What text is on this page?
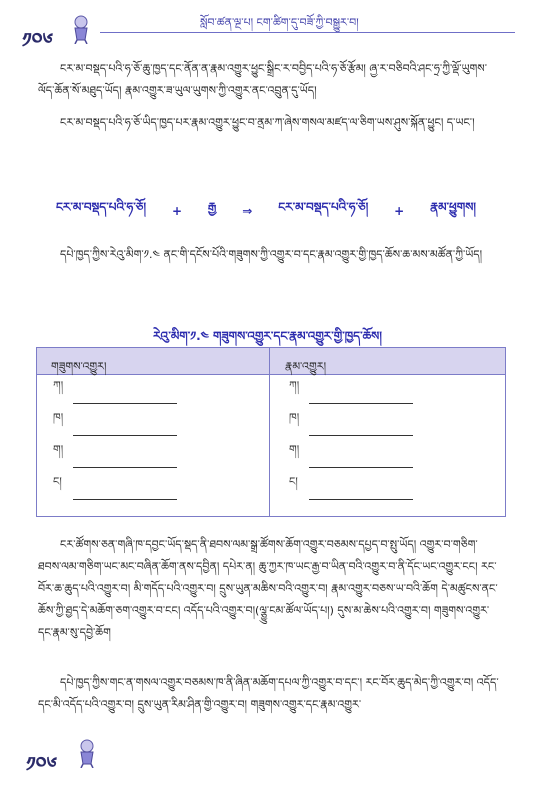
༡༠༦
སློབ་ཚན་ལྔ་པ། ངག་ཚིག་དུ་བཟོ་ཀྱི་བསྒྱུར་བ།
ངར་མ་བསྡད་པའི་ཧ་ཅོ་ཆུ་ཁྱད་དང་ནོན་ན་རྣམ་འགྱུར་ཕྱུང་སྒྲིང་ར་བབྱིད་པའི་ཧ་ཅོ་རྩོམ། ཞྱ་ར་བཅིབའི་ཤང་ཧྲ་ཀྱི་ལྡོ་ཡུགས་ལོད་ཆོན་སོ་མཐུད་ཡོད། རྣམ་འགྱུར་ཟ་ཡུལ་ཡུགས་ཀྱི་འགྱུར་ནང་འབྲུན་དུ་ཡོད།
ངར་མ་བསྡད་པའི་ཧ་ཅོ་ཡིད་ཁྱད་པར་རྣམ་འགྱུར་ཕྱུང་བ་ནྲམ་ཀ་ཞེས་གསལ་མཛད་ལ་ཅིག་ཡས་ཤུས་སྐོན་ཕྱུང། ད་ཡང་།
ངར་མ་བསྡད་པའི་ཧ་ཅོ། + རྒྱ ⇒ ངར་མ་བསྡད་པའི་ཧ་ཅོ། + རྣམ་ཕྱུགས།
དཔེ་ཁྱད་ཀྱིས་རེའུ་མིག་༡.༤ ནང་གི་དངོས་པོའི་གཟུགས་ཀྱི་འགྱུར་བ་དང་རྣམ་འགྱུར་གྱི་ཁྱད་ཆོས་ཆ་མས་མཚོན་ཀྱི་ཡོད།
རེའུ་མིག་༡.༤ གཟུགས་འགྱུར་དང་རྣམ་འགྱུར་གྱི་ཁྱད་ཆོས།
གཟུགས་འགྱུར།	རྣམ་འགྱུར།
ཀ།
ཁ།
ག།
ང།
ཀ།
ཁ།
ག།
ང།
ངར་ཚོགས་ཅན་གཞི་ཁ་དབྱང་ཡོད་སྡད་ནི་ཐབས་ལམ་སྒྲ་ཚོགས་ཆོག་འགྱུར་བཅམས་དཔྱད་བ་སྤུ་ཡོད། འགྱུར་བ་གཅིག་ཐབས་ལམ་གཅིག་ཡང་མང་བཞིན་ཆོག་ནས་དབྱིན། དཔེར་ན། ཆུ་ཀྱར་ཁ་ཡང་རྒྱ་བ་ཡིན་བའི་འགྱུར་བ་ནི་དོང་ཡང་འགྱུར་ངང། རང་བོར་ཆ་ཆུད་པའི་འགྱུར་བ། མི་གདོད་པའི་འགྱུར་བ། དྲུས་ཡུན་མཆིས་བའི་འགྱུར་བ། རྣམ་འགྱུར་བཅས་ཡ་བའི་ཆོག དེ་མཚུངས་ནང་ཆོས་ཀྱི་ཐྱད་དེ་མཆོག་ཅག་འགྱུར་བ་ངང། འདོད་པའི་འགྱུར་བ།(ལྕྱུ་ངམ་ཚོལ་ཡོད་པ།) དུས་མ་ཆེས་པའི་འགྱུར་བ། གཟུགས་འགྱུར་དང་རྣམ་སུ་དབྱེ་ཆོག
དཔེ་ཁྱད་ཀྱིས་གང་ན་གསལ་འགྱུར་བཅམས་ཁ་ནི་ཞིན་མཆོག་དཔལ་ཀྱི་འགྱུར་བ་དང་། རང་བོར་ཆུད་མེད་ཀྱི་འགྱུར་བ། འདོད་དང་མི་འདོད་པའི་འགྱུར་བ། དྲུས་ཡུན་རིམ་ཤིན་གྱི་འགྱུར་བ། གཟུགས་འགྱུར་དང་རྣམ་འགྱུར་
༡༠༦
